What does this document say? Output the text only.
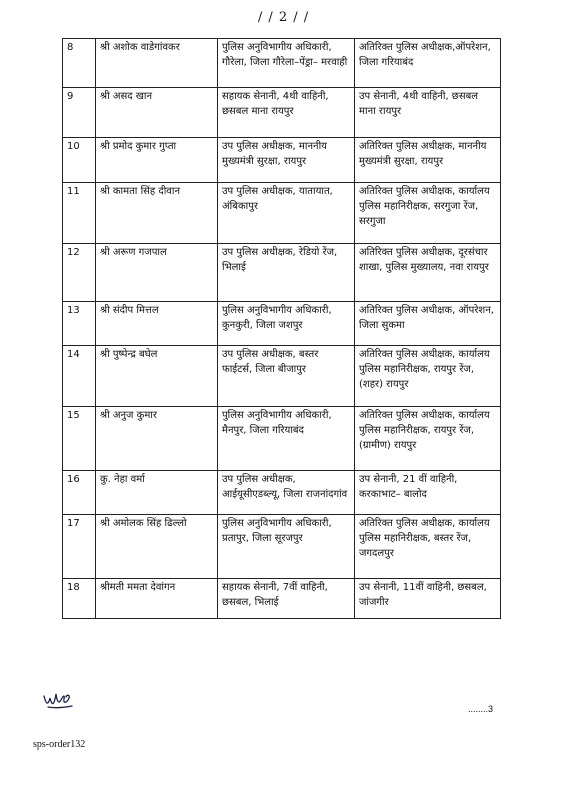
/ / 2 / /
8	श्री अशोक वाडेगांवकर	पुलिस अनुविभागीय अधिकारी, गौरेला, जिला गौरेला–पेंड्रा– मरवाही	अतिरिक्त पुलिस अधीक्षक,ऑपरेशन, जिला गरियाबंद
9	श्री असद खान	सहायक सेनानी, 4थी वाहिनी, छसबल माना रायपुर	उप सेनानी, 4थी वाहिनी, छसबल माना रायपुर
10	श्री प्रमोद कुमार गुप्ता	उप पुलिस अधीक्षक, माननीय मुख्यमंत्री सुरक्षा, रायपुर	अतिरिक्त पुलिस अधीक्षक, माननीय मुख्यमंत्री सुरक्षा, रायपुर
11	श्री कामता सिंह दीवान	उप पुलिस अधीक्षक, यातायात, अंबिकापुर	अतिरिक्त पुलिस अधीक्षक, कार्यालय पुलिस महानिरीक्षक, सरगुजा रेंज, सरगुजा
12	श्री अरूण गजपाल	उप पुलिस अधीक्षक, रेडियो रेंज, भिलाई	अतिरिक्त पुलिस अधीक्षक, दूरसंचार शाखा, पुलिस मुख्यालय, नवा रायपुर
13	श्री संदीप मित्तल	पुलिस अनुविभागीय अधिकारी, कुनकुरी, जिला जशपुर	अतिरिक्त पुलिस अधीक्षक, ऑपरेशन, जिला सुकमा
14	श्री पुष्पेन्द्र बघेल	उप पुलिस अधीक्षक, बस्तर फाईटर्स, जिला बीजापुर	अतिरिक्त पुलिस अधीक्षक, कार्यालय पुलिस महानिरीक्षक, रायपुर रेंज,(शहर) रायपुर
15	श्री अनुज कुमार	पुलिस अनुविभागीय अधिकारी, मैनपुर, जिला गरियाबंद	अतिरिक्त पुलिस अधीक्षक, कार्यालय पुलिस महानिरीक्षक, रायपुर रेंज,(ग्रामीण) रायपुर
16	कु. नेहा वर्मा	उप पुलिस अधीक्षक, आईयूसीएडब्ल्यू, जिला राजनांदगांव	उप सेनानी, 21 वीं वाहिनी, करकाभाट– बालोद
17	श्री अमोलक सिंह ढिल्लो	पुलिस अनुविभागीय अधिकारी, प्रतापुर, जिला सूरजपुर	अतिरिक्त पुलिस अधीक्षक, कार्यालय पुलिस महानिरीक्षक, बस्तर रेंज, जगदलपुर
18	श्रीमती ममता देवांगन	सहायक सेनानी, 7वीं वाहिनी, छसबल, भिलाई	उप सेनानी, 11वीं वाहिनी, छसबल, जांजगीर
........3
sps-order132
